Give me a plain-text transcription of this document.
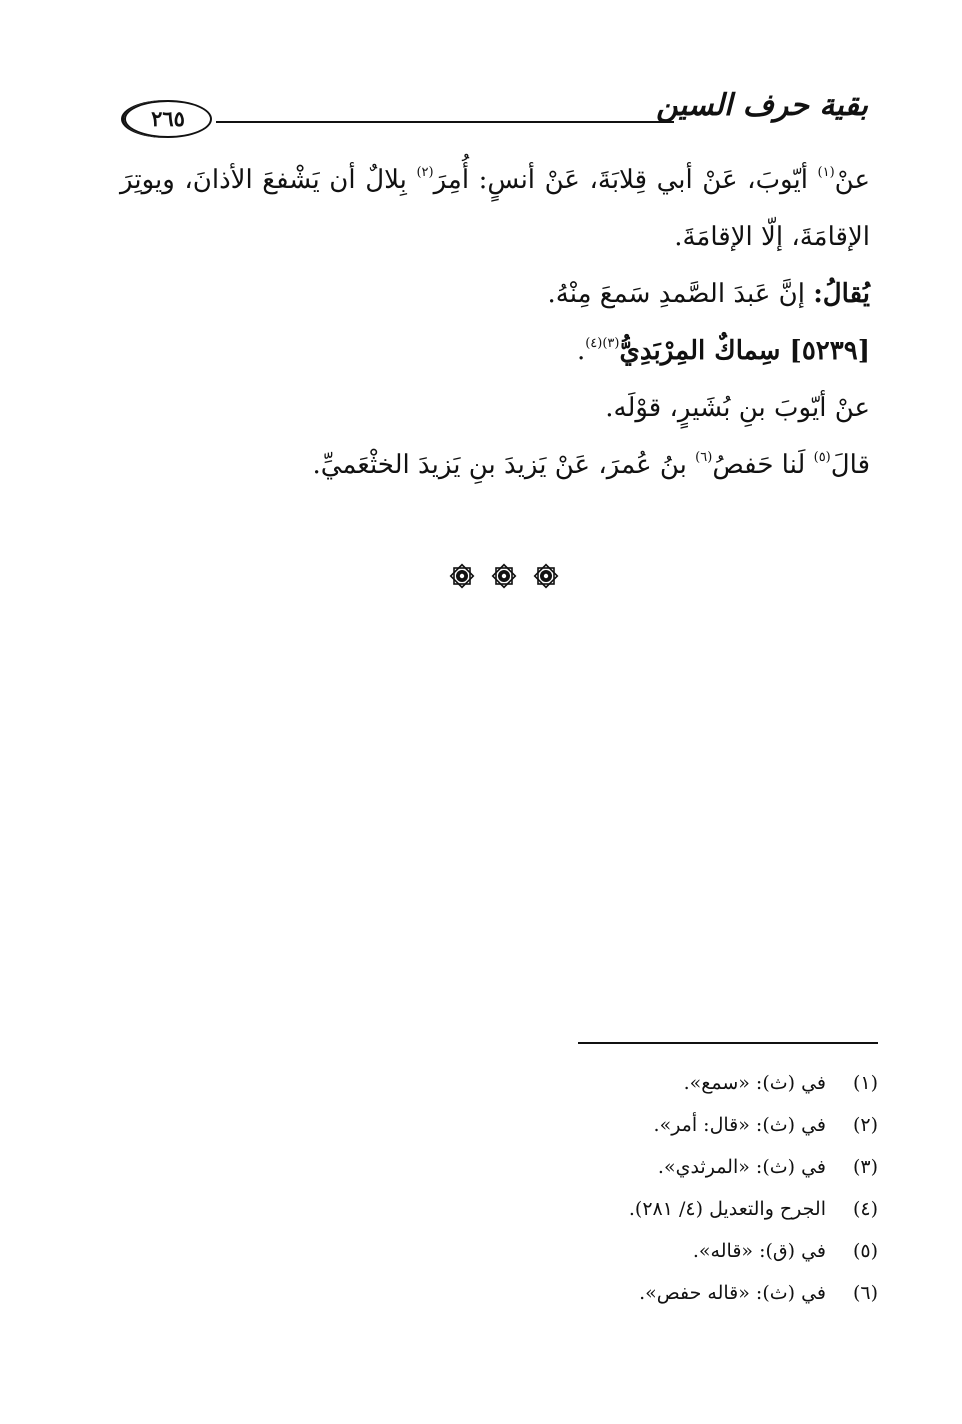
٢٦٥	بقية حرف السين
عنْ$^{(١)}$ أيّوبَ، عَنْ أبي قِلابَةَ، عَنْ أنسٍ: أُمِرَ$^{(٢)}$ بِلالٌ أن يَشْفعَ الأذانَ، ويوتِرَ
الإقامَةَ، إلّا الإقامَةَ.
يُقالُ: إنَّ عَبدَ الصَّمدِ سَمعَ مِنْهُ.
[٥٢٣٩] سِماكٌ المِرْبَدِيُّ$^{(٣)(٤)}$.
عنْ أيّوبَ بنِ بُشَيرٍ، قوْلَه.
قالَ$^{(٥)}$ لَنا حَفصُ$^{(٦)}$ بنُ عُمرَ، عَنْ يَزيدَ بنِ يَزيدَ الخثْعَميِّ.
(١)في (ث): «سمع».
(٢)في (ث): «قال: أمر».
(٣)في (ث): «المرثدي».
(٤)الجرح والتعديل (٤/ ٢٨١).
(٥)في (ق): «قاله».
(٦)في (ث): «قاله حفص».
